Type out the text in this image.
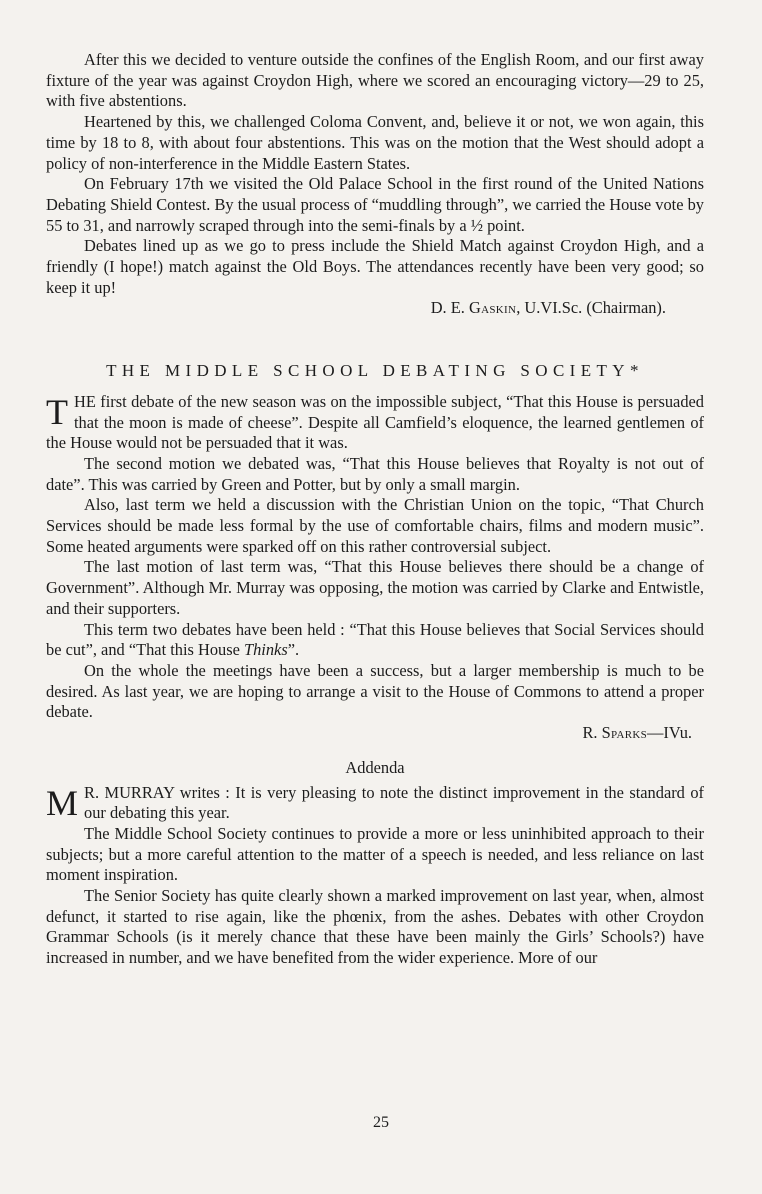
After this we decided to venture outside the confines of the English Room, and our first away fixture of the year was against Croydon High, where we scored an encouraging victory—29 to 25, with five abstentions.

Heartened by this, we challenged Coloma Convent, and, believe it or not, we won again, this time by 18 to 8, with about four abstentions. This was on the motion that the West should adopt a policy of non-interference in the Middle Eastern States.

On February 17th we visited the Old Palace School in the first round of the United Nations Debating Shield Contest. By the usual process of “muddling through”, we carried the House vote by 55 to 31, and narrowly scraped through into the semi-finals by a ½ point.

Debates lined up as we go to press include the Shield Match against Croydon High, and a friendly (I hope!) match against the Old Boys. The attendances recently have been very good; so keep it up!

D. E. Gaskin, U.VI.Sc. (Chairman).
THE MIDDLE SCHOOL DEBATING SOCIETY*

THE first debate of the new season was on the impossible subject, “That this House is persuaded that the moon is made of cheese”. Despite all Camfield’s eloquence, the learned gentlemen of the House would not be persuaded that it was.

The second motion we debated was, “That this House believes that Royalty is not out of date”. This was carried by Green and Potter, but by only a small margin.

Also, last term we held a discussion with the Christian Union on the topic, “That Church Services should be made less formal by the use of comfortable chairs, films and modern music”. Some heated arguments were sparked off on this rather controversial subject.

The last motion of last term was, “That this House believes there should be a change of Government”. Although Mr. Murray was opposing, the motion was carried by Clarke and Entwistle, and their supporters.

This term two debates have been held : “That this House believes that Social Services should be cut”, and “That this House Thinks”.

On the whole the meetings have been a success, but a larger membership is much to be desired. As last year, we are hoping to arrange a visit to the House of Commons to attend a proper debate.

R. Sparks—IVu.
Addenda

M R. MURRAY writes : It is very pleasing to note the distinct improvement in the standard of our debating this year.

The Middle School Society continues to provide a more or less uninhibited approach to their subjects; but a more careful attention to the matter of a speech is needed, and less reliance on last moment inspiration.

The Senior Society has quite clearly shown a marked improvement on last year, when, almost defunct, it started to rise again, like the phœnix, from the ashes. Debates with other Croydon Grammar Schools (is it merely chance that these have been mainly the Girls’ Schools?) have increased in number, and we have benefited from the wider experience. More of our

25
